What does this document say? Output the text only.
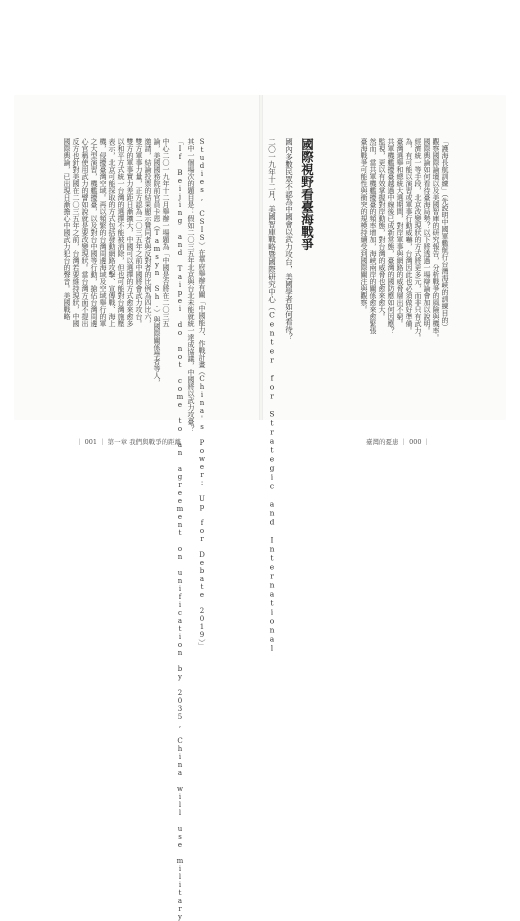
國際輿論，已出現日漸擔心中國武力犯台的聲音。美國戰略 反方也針對美國在二〇三五年之前，台灣若要維持現狀，中國 心官稱使用武力的譬如說就是要改變現狀。當台灣方面不提出 之大型演習，機艦擾臺，以及對台中國等行動，搶佔台灣周邊 機，侵擾臺灣空域。再以頻繁的台灣周邊海域及空域舉行的軍 表示，北京可能採取的方式包括發動網路攻擊、宣傳戰、海上 以和平方式統一台灣的選擇不能被消除，但也可能對台灣施壓 雙方的軍事實力差距日漸擴大，中國可以選擇的方式愈來愈多 雙方軍事力量，正方認為二〇三五年之前中國將會武力攻台。 邀請，結論投票的結果顯示贊同者與反對者的比例為四比六， 論，美國國務院前官員卡恩（Tamsyn Sh.）與國際關係學者等人， 中心二〇一九年十二月舉辦一場題為「中國是否將在二〇三五 「If Beijing and Taipei do not come to an agreement on unification by 2035, China will use military 其中一個場次的題目是：假如二〇三五年北京與台北未能就統一達成協議，中國將以武力攻臺？ Studies, CSIS）在華府舉辦有關「中國能力、作戰計畫（China's Power: Up for Debate 2019）」	二〇一九年十二月，美國智庫戰略暨國際研究中心（Center for Strategic and International 國內多數民眾不認為中國會以武力攻台，美國學者如何看待？ 國際視野看臺海戰爭	臺海戰爭可能性與衝突的規模持續受到國際關注與觀察。 然而，當共軍機艦擾臺的頻率增加，海峽兩岸的關係愈來愈緊張 監視，更以有效掌握對岸動態，對台灣的威脅也愈來愈大。 共軍機艦擾臺越過中線後已成新常態，臺灣的國防應如何因應？ 臺灣選舉和總統大選期間，對岸軍事與網路的威脅層出不窮。 為，有可能以演習或軍事行動威嚇，台灣因此也必須做好準備。 經濟統一等手段，北京改變現狀的方式將更多元，而非只有武力。 國際輿論如何看待臺海局勢？以下將透過一場辯論會加以說明。 觀察國際論壇以及美國智庫的研究報告，分析戰爭的風險與機率。 「護海長航訓練」（先說明中國軍艦航行台灣海峽的訓練目的）
｜ 001 ｜ 第一章 我們與戰爭的距離	臺灣的憂患 ｜ 000 ｜
